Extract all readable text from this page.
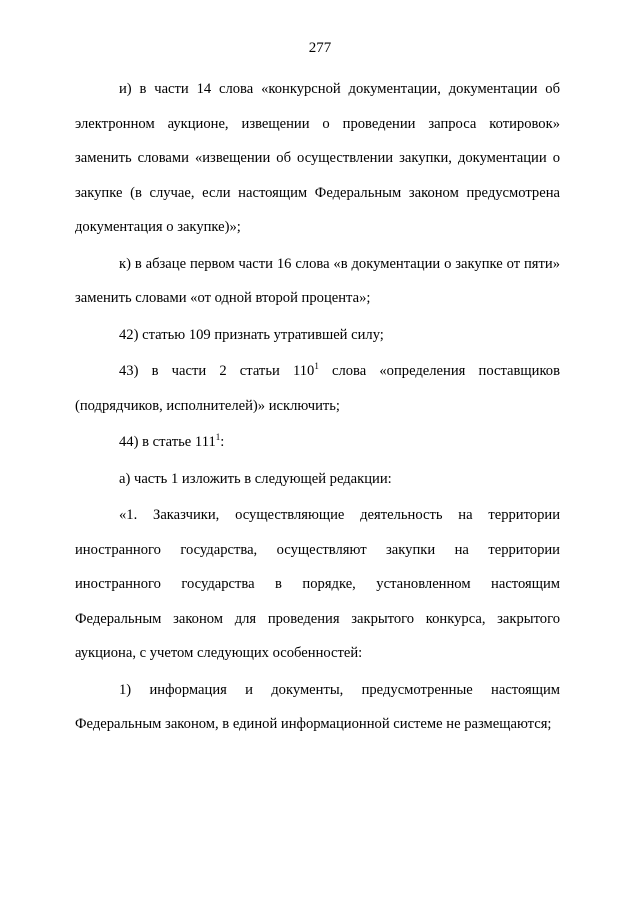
277

и) в части 14 слова «конкурсной документации, документации об электронном аукционе, извещении о проведении запроса котировок» заменить словами «извещении об осуществлении закупки, документации о закупке (в случае, если настоящим Федеральным законом предусмотрена документация о закупке)»;

к) в абзаце первом части 16 слова «в документации о закупке от пяти» заменить словами «от одной второй процента»;

42) статью 109 признать утратившей силу;

43) в части 2 статьи $110^1$ слова «определения поставщиков (подрядчиков, исполнителей)» исключить;

44) в статье $111^1$:

а) часть 1 изложить в следующей редакции:

«1. Заказчики, осуществляющие деятельность на территории иностранного государства, осуществляют закупки на территории иностранного государства в порядке, установленном настоящим Федеральным законом для проведения закрытого конкурса, закрытого аукциона, с учетом следующих особенностей:

1) информация и документы, предусмотренные настоящим Федеральным законом, в единой информационной системе не размещаются;
